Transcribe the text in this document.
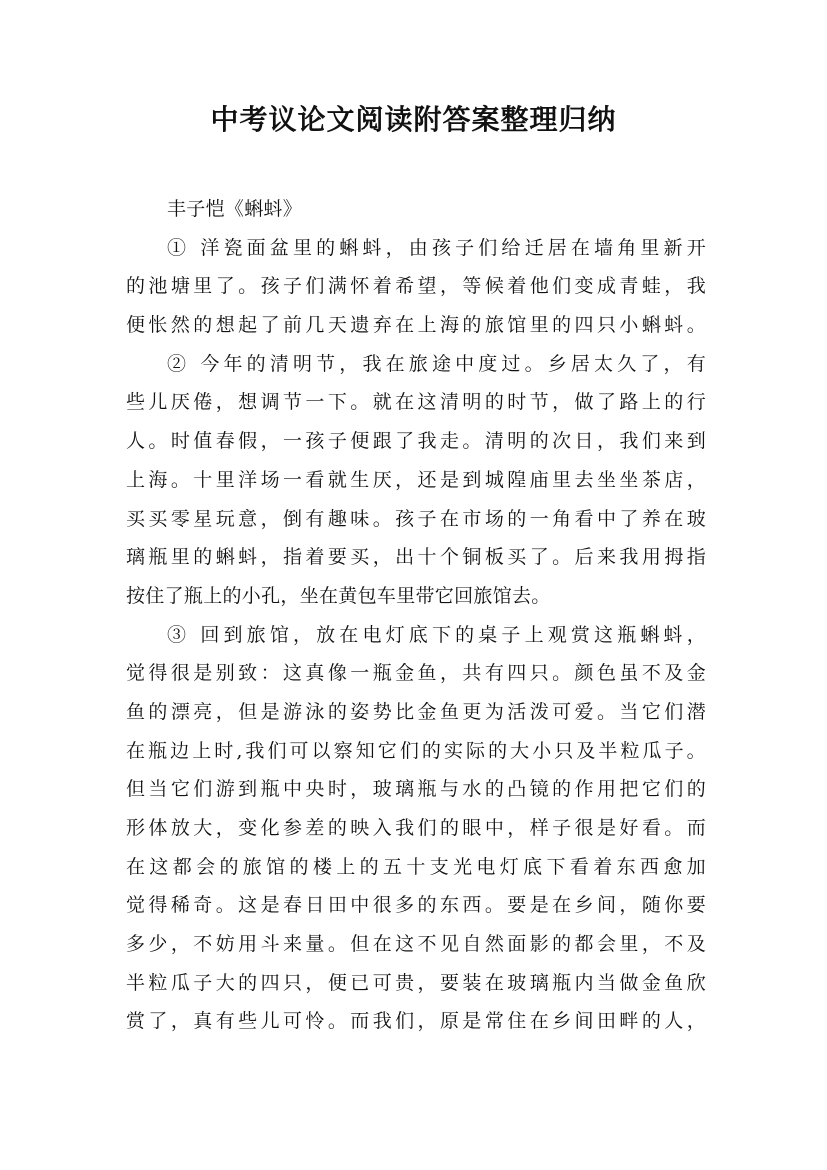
中考议论文阅读附答案整理归纳
丰子恺《蝌蚪》
① 洋瓷面盆里的蝌蚪，由孩子们给迁居在墙角里新开
的池塘里了。孩子们满怀着希望，等候着他们变成青蛙，我
便怅然的想起了前几天遗弃在上海的旅馆里的四只小蝌蚪。
② 今年的清明节，我在旅途中度过。乡居太久了，有
些儿厌倦，想调节一下。就在这清明的时节，做了路上的行
人。时值春假，一孩子便跟了我走。清明的次日，我们来到
上海。十里洋场一看就生厌，还是到城隍庙里去坐坐茶店，
买买零星玩意，倒有趣味。孩子在市场的一角看中了养在玻
璃瓶里的蝌蚪，指着要买，出十个铜板买了。后来我用拇指
按住了瓶上的小孔，坐在黄包车里带它回旅馆去。
③ 回到旅馆，放在电灯底下的桌子上观赏这瓶蝌蚪，
觉得很是别致：这真像一瓶金鱼，共有四只。颜色虽不及金
鱼的漂亮，但是游泳的姿势比金鱼更为活泼可爱。当它们潜
在瓶边上时,我们可以察知它们的实际的大小只及半粒瓜子。
但当它们游到瓶中央时，玻璃瓶与水的凸镜的作用把它们的
形体放大，变化参差的映入我们的眼中，样子很是好看。而
在这都会的旅馆的楼上的五十支光电灯底下看着东西愈加
觉得稀奇。这是春日田中很多的东西。要是在乡间，随你要
多少，不妨用斗来量。但在这不见自然面影的都会里，不及
半粒瓜子大的四只，便已可贵，要装在玻璃瓶内当做金鱼欣
赏了，真有些儿可怜。而我们，原是常住在乡间田畔的人，
